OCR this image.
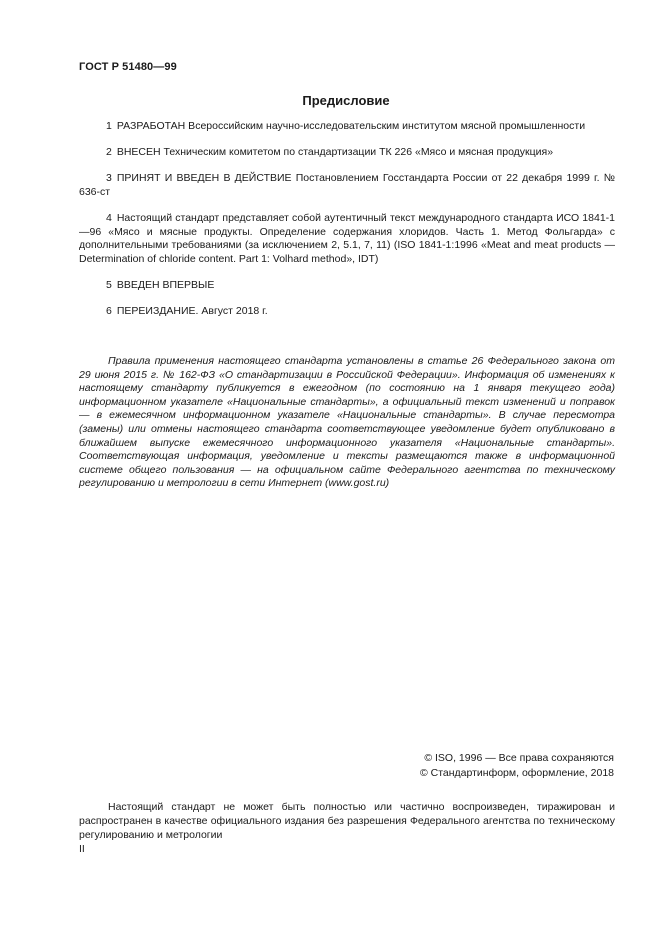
ГОСТ Р 51480—99
Предисловие
1 РАЗРАБОТАН Всероссийским научно-исследовательским институтом мясной промышленности
2 ВНЕСЕН Техническим комитетом по стандартизации ТК 226 «Мясо и мясная продукция»
3 ПРИНЯТ И ВВЕДЕН В ДЕЙСТВИЕ Постановлением Госстандарта России от 22 декабря 1999 г. № 636-ст
4 Настоящий стандарт представляет собой аутентичный текст международного стандарта ИСО 1841-1—96 «Мясо и мясные продукты. Определение содержания хлоридов. Часть 1. Метод Фольгарда» с дополнительными требованиями (за исключением 2, 5.1, 7, 11) (ISO 1841-1:1996 «Meat and meat products — Determination of chloride content. Part 1: Volhard method», IDT)
5 ВВЕДЕН ВПЕРВЫЕ
6 ПЕРЕИЗДАНИЕ. Август 2018 г.
Правила применения настоящего стандарта установлены в статье 26 Федерального закона от 29 июня 2015 г. № 162-ФЗ «О стандартизации в Российской Федерации». Информация об изменениях к настоящему стандарту публикуется в ежегодном (по состоянию на 1 января текущего года) информационном указателе «Национальные стандарты», а официальный текст изменений и поправок — в ежемесячном информационном указателе «Национальные стандарты». В случае пересмотра (замены) или отмены настоящего стандарта соответствующее уведомление будет опубликовано в ближайшем выпуске ежемесячного информационного указателя «Национальные стандарты». Соответствующая информация, уведомление и тексты размещаются также в информационной системе общего пользования — на официальном сайте Федерального агентства по техническому регулированию и метрологии в сети Интернет (www.gost.ru)
© ISO, 1996 — Все права сохраняются
© Стандартинформ, оформление, 2018
Настоящий стандарт не может быть полностью или частично воспроизведен, тиражирован и распространен в качестве официального издания без разрешения Федерального агентства по техническому регулированию и метрологии
II
